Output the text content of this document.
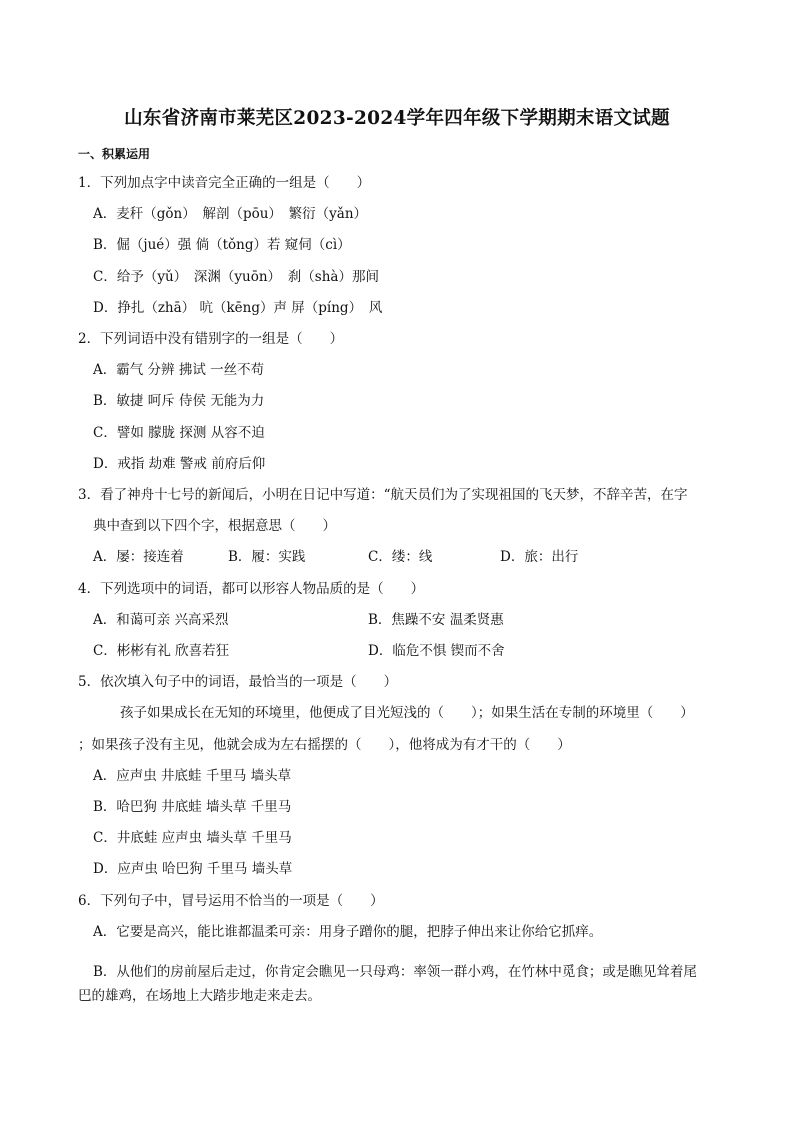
山东省济南市莱芜区2023-2024学年四年级下学期期末语文试题
一、积累运用
1．下列加点字中读音完全正确的一组是（　　）
A．麦秆（gǒn）　解剖（pōu）　繁衍（yǎn）
B．倔（jué）强 倘（tǒng）若 窥伺（cì）
C．给予（yǔ）　深渊（yuōn）　刹（shà）那间
D．挣扎（zhā） 吭（kēng）声 屏（píng）　风
2．下列词语中没有错别字的一组是（　　）
A．霸气 分辨 拂试 一丝不苟
B．敏捷 呵斥 侍侯 无能为力
C．譬如 朦胧 探测 从容不迫
D．戒指 劫难 警戒 前府后仰
3．看了神舟十七号的新闻后，小明在日记中写道：“航天员们为了实现祖国的飞天梦，不辞辛苦，在字
典中查到以下四个字，根据意思（　　）
A．屡：接连着	B．履：实践	C．缕：线	D．旅：出行
4．下列选项中的词语，都可以形容人物品质的是（　　）
A．和蔼可亲 兴高采烈	B．焦躁不安 温柔贤惠
C．彬彬有礼 欣喜若狂	D．临危不惧 锲而不舍
5．依次填入句子中的词语，最恰当的一项是（　　）
孩子如果成长在无知的环境里，他便成了目光短浅的（　　）；如果生活在专制的环境里（　　）
；如果孩子没有主见，他就会成为左右摇摆的（　　），他将成为有才干的（　　）
A．应声虫 井底蛙 千里马 墙头草
B．哈巴狗 井底蛙 墙头草 千里马
C．井底蛙 应声虫 墙头草 千里马
D．应声虫 哈巴狗 千里马 墙头草
6．下列句子中，冒号运用不恰当的一项是（　　）
A．它要是高兴，能比谁都温柔可亲：用身子蹭你的腿，把脖子伸出来让你给它抓痒。
B．从他们的房前屋后走过，你肯定会瞧见一只母鸡：率领一群小鸡，在竹林中觅食；或是瞧见耸着尾
巴的雄鸡，在场地上大踏步地走来走去。
